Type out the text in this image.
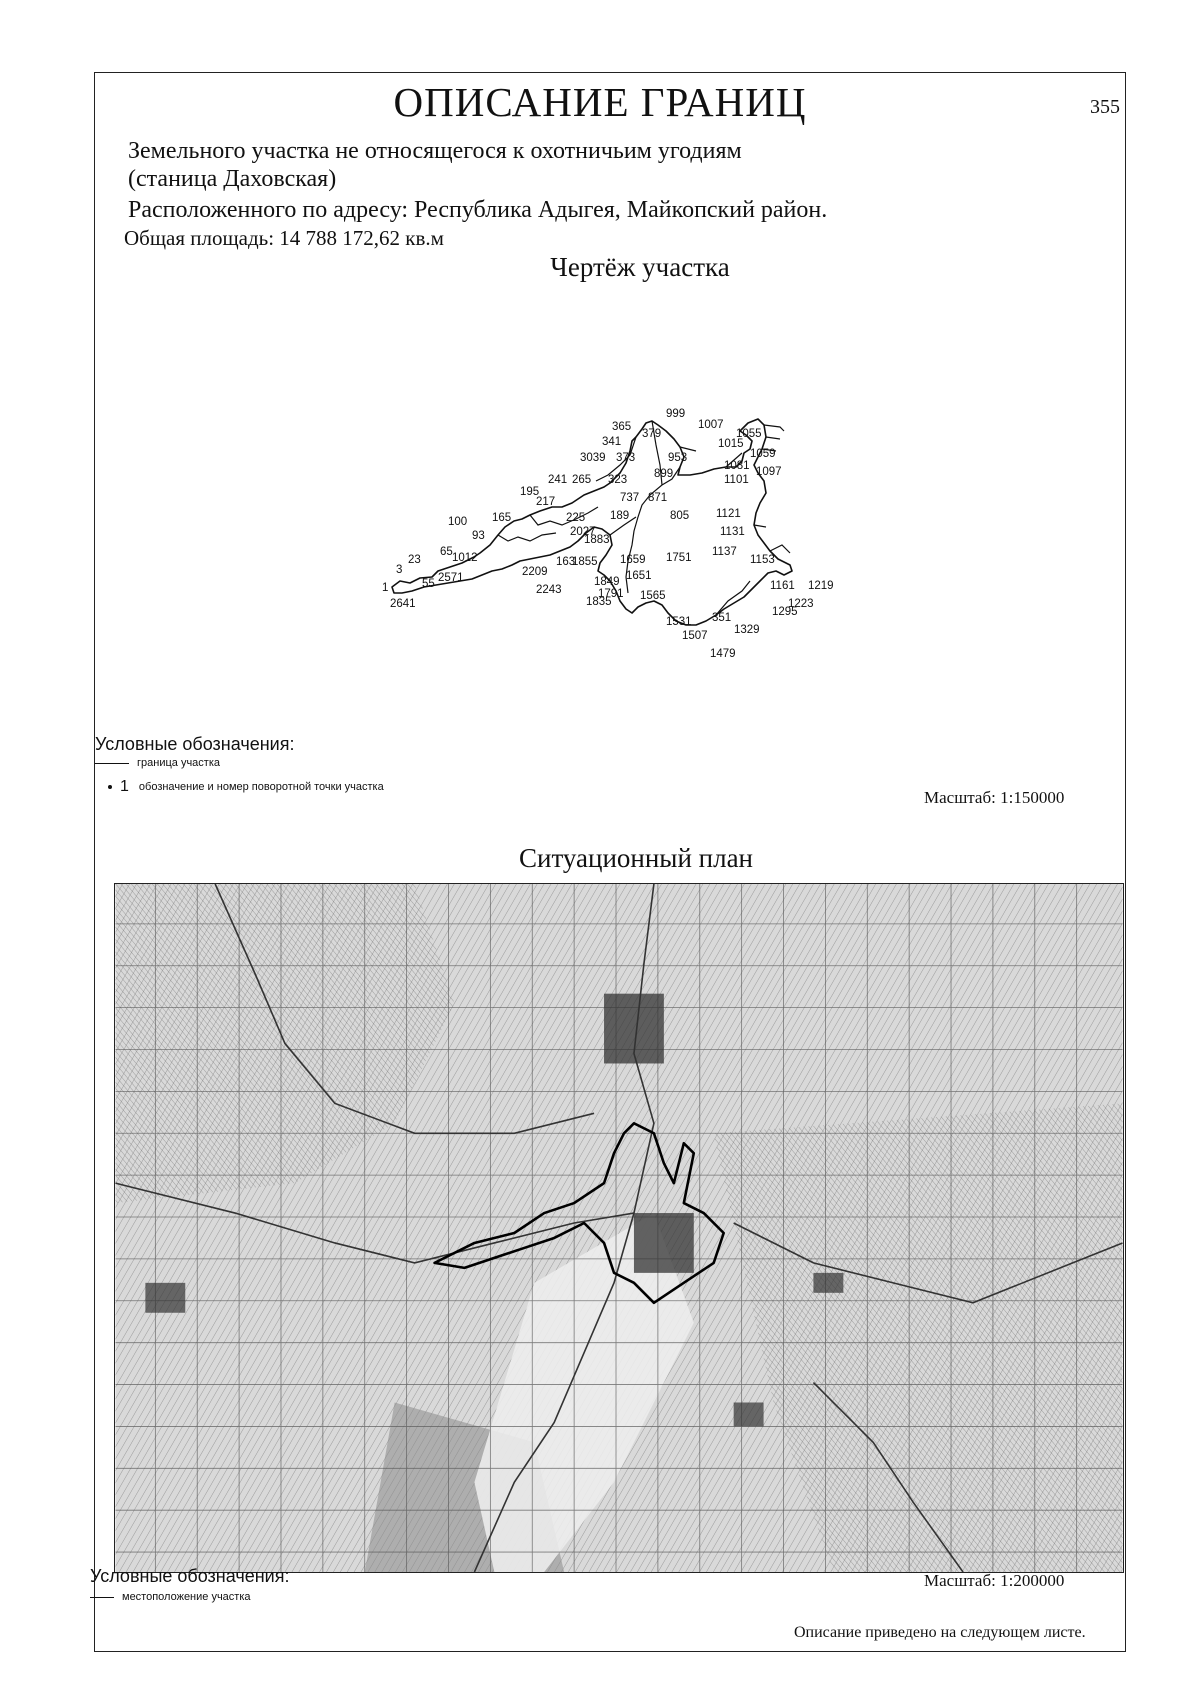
ОПИСАНИЕ ГРАНИЦ	355
Земельного участка не относящегося к охотничьим угодиям
(станица Даховская)
Расположенного по адресу: Республика Адыгея, Майкопский район.
Общая площадь: 14 788 172,62 кв.м
Чертёж участка
999
365
379
1007
1055
341	1015
1059
3039 373	953
1081 1097
899	1101
241 265 323
195
217	737 871
100 165	225 189	805 1121
93	1883
1131
1137
65 1012	163
1855 1659 1751	1153
23
3
2571	2209
1849 1651
1219
1	55	2243	1791 1565
1161
2641	1835	1223
1531 351	1295
1507 1329
1479
2027
Условные обозначения:
граница участка
1 обозначение и номер поворотной точки участка
Масштаб: 1:150000
Ситуационный план
Условные обозначения:
местоположение участка
Масштаб: 1:200000
Описание приведено на следующем листе.
